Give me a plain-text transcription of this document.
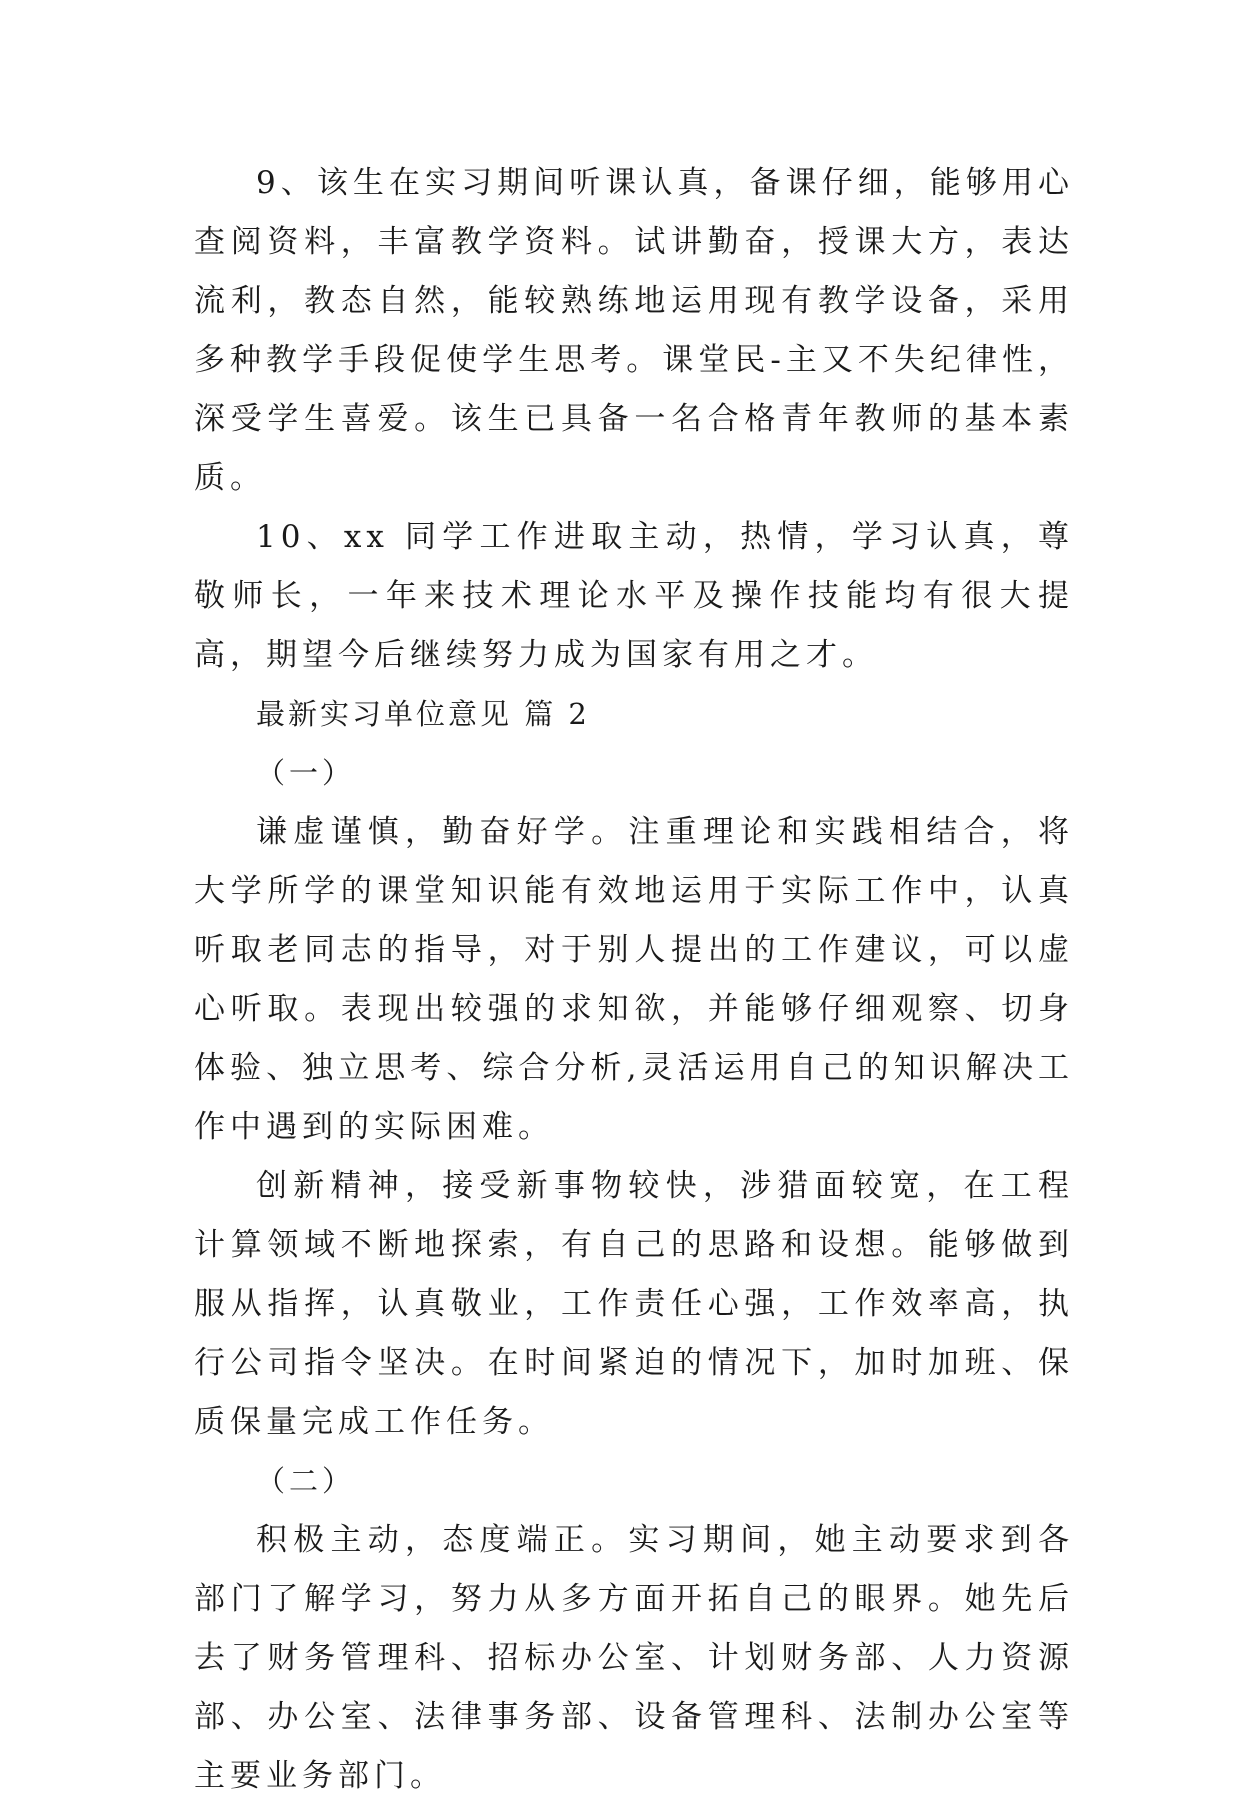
9、该生在实习期间听课认真，备课仔细，能够用心查阅资料，丰富教学资料。试讲勤奋，授课大方，表达流利，教态自然，能较熟练地运用现有教学设备，采用多种教学手段促使学生思考。课堂民-主又不失纪律性，深受学生喜爱。该生已具备一名合格青年教师的基本素质。

10、xx 同学工作进取主动，热情，学习认真，尊敬师长，一年来技术理论水平及操作技能均有很大提高，期望今后继续努力成为国家有用之才。

最新实习单位意见 篇 2

（一）

谦虚谨慎，勤奋好学。注重理论和实践相结合，将大学所学的课堂知识能有效地运用于实际工作中，认真听取老同志的指导，对于别人提出的工作建议，可以虚心听取。表现出较强的求知欲，并能够仔细观察、切身体验、独立思考、综合分析,灵活运用自己的知识解决工作中遇到的实际困难。

创新精神，接受新事物较快，涉猎面较宽，在工程计算领域不断地探索，有自己的思路和设想。能够做到服从指挥，认真敬业，工作责任心强，工作效率高，执行公司指令坚决。在时间紧迫的情况下，加时加班、保质保量完成工作任务。

（二）

积极主动，态度端正。实习期间，她主动要求到各部门了解学习，努力从多方面开拓自己的眼界。她先后去了财务管理科、招标办公室、计划财务部、人力资源部、办公室、法律事务部、设备管理科、法制办公室等主要业务部门。
